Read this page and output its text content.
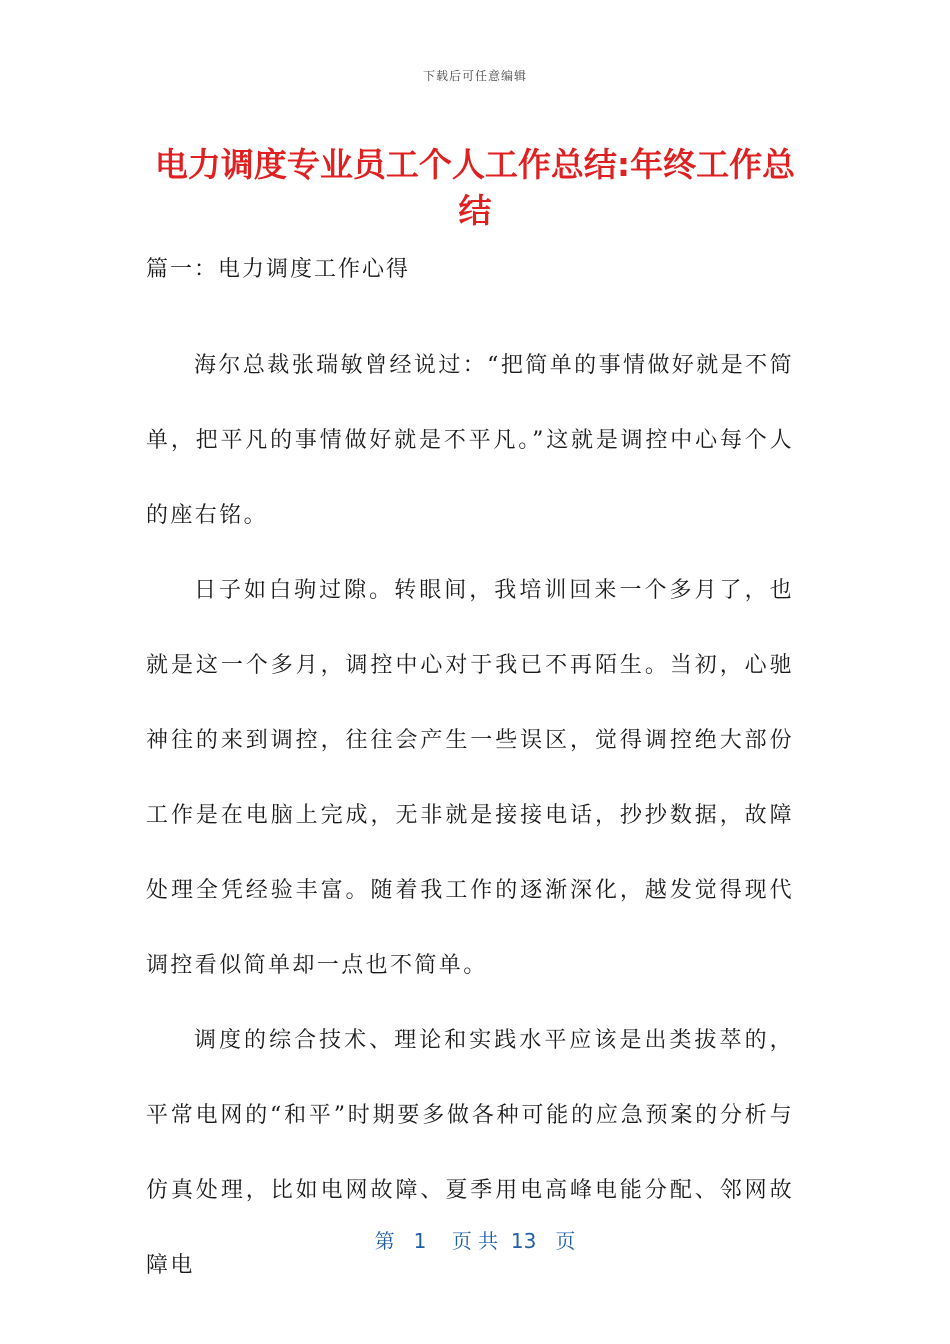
下载后可任意编辑
电力调度专业员工个人工作总结:年终工作总结
篇一：电力调度工作心得

海尔总裁张瑞敏曾经说过：“把简单的事情做好就是不简单，把平凡的事情做好就是不平凡。”这就是调控中心每个人的座右铭。

日子如白驹过隙。转眼间，我培训回来一个多月了，也就是这一个多月，调控中心对于我已不再陌生。当初，心驰神往的来到调控，往往会产生一些误区，觉得调控绝大部份工作是在电脑上完成，无非就是接接电话，抄抄数据，故障处理全凭经验丰富。随着我工作的逐渐深化，越发觉得现代调控看似简单却一点也不简单。

调度的综合技术、理论和实践水平应该是出类拔萃的，平常电网的“和平”时期要多做各种可能的应急预案的分析与仿真处理，比如电网故障、夏季用电高峰电能分配、邻网故障电

第 1 页 共 13 页
